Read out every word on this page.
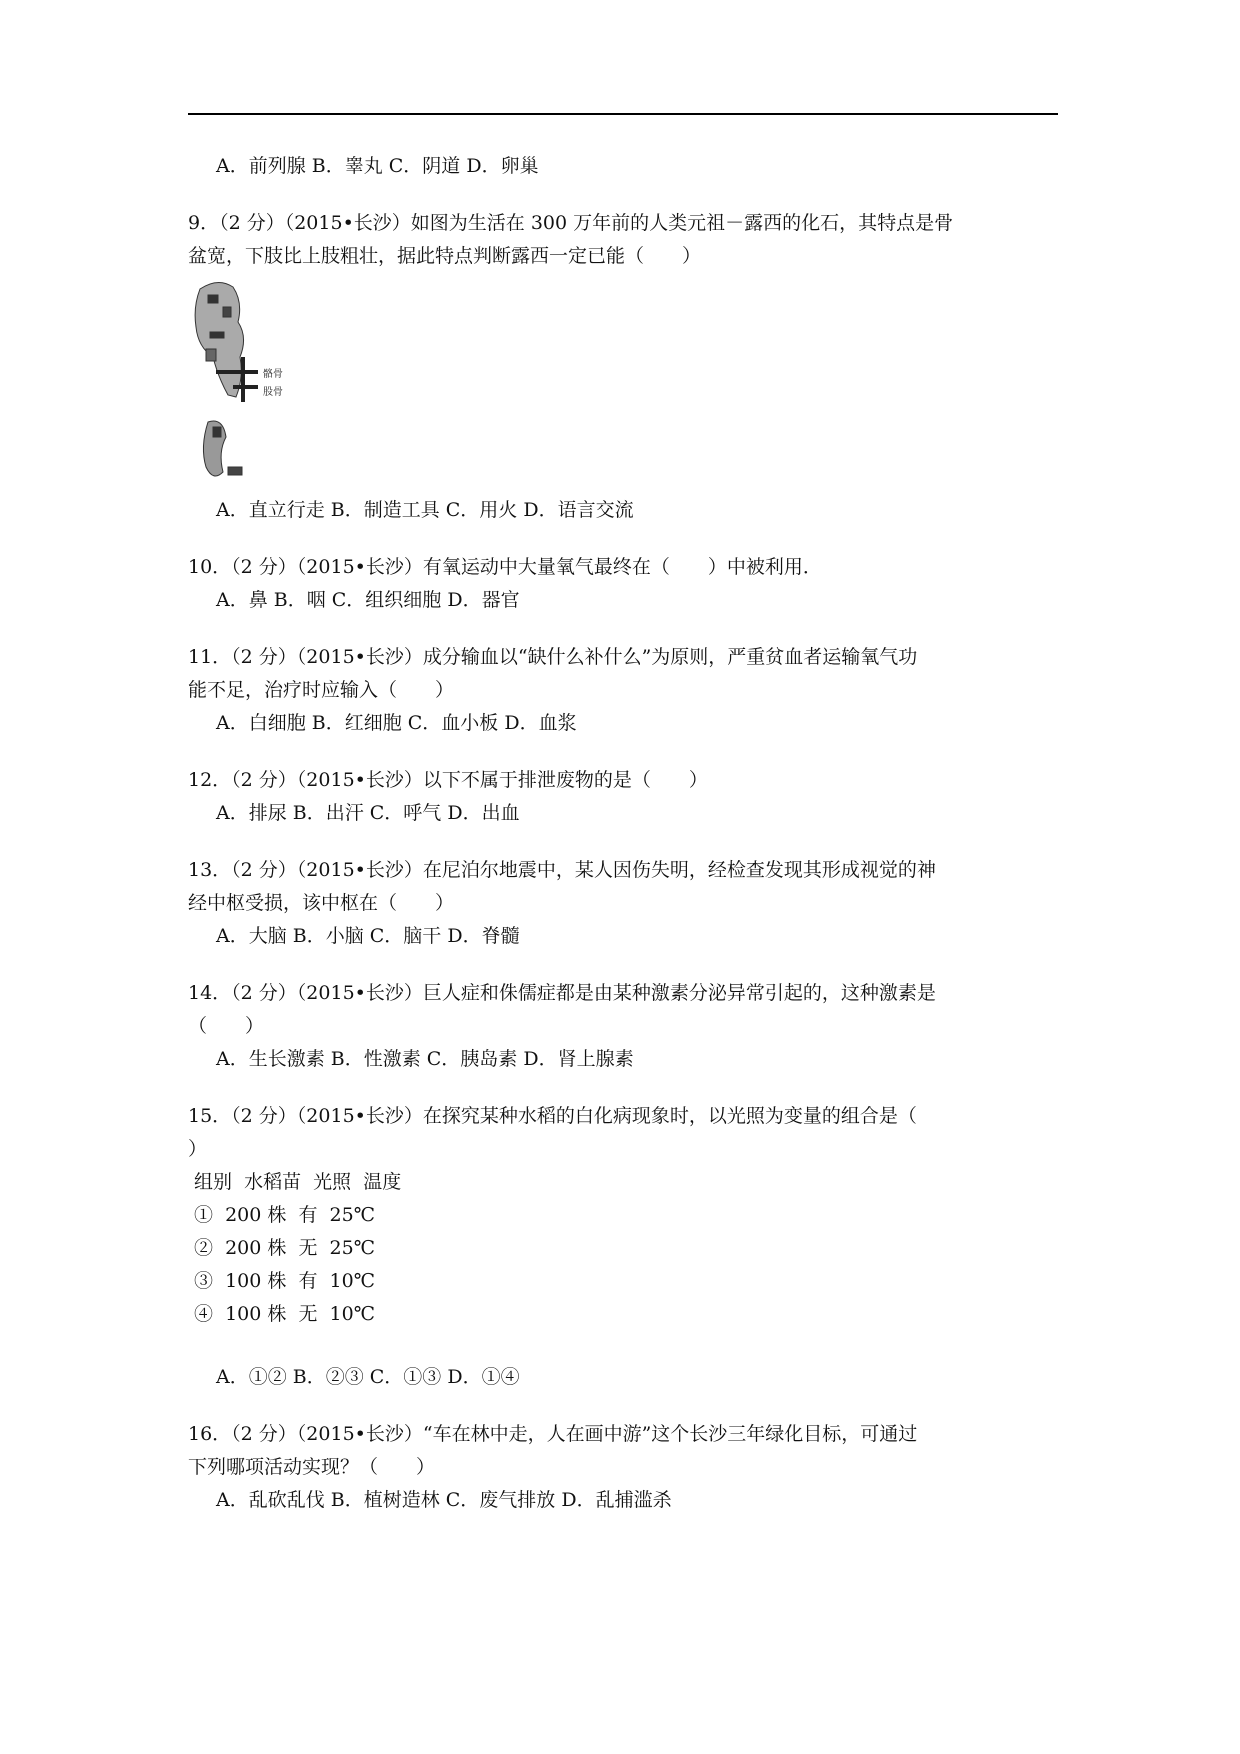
A．前列腺 B．睾丸 C．阴道 D．卵巢
9．（2 分）（2015•长沙）如图为生活在 300 万年前的人类元祖－露西的化石，其特点是骨
盆宽，下肢比上肢粗壮，据此特点判断露西一定已能（　　）
骼骨
股骨
A．直立行走 B．制造工具 C．用火 D．语言交流
10．（2 分）（2015•长沙）有氧运动中大量氧气最终在（　　）中被利用．
A．鼻 B．咽 C．组织细胞 D．器官
11．（2 分）（2015•长沙）成分输血以“缺什么补什么”为原则，严重贫血者运输氧气功
能不足，治疗时应输入（　　）
A．白细胞 B．红细胞 C．血小板 D．血浆
12．（2 分）（2015•长沙）以下不属于排泄废物的是（　　）
A．排尿 B．出汗 C．呼气 D．出血
13．（2 分）（2015•长沙）在尼泊尔地震中，某人因伤失明，经检查发现其形成视觉的神
经中枢受损，该中枢在（　　）
A．大脑 B．小脑 C．脑干 D．脊髓
14．（2 分）（2015•长沙）巨人症和侏儒症都是由某种激素分泌异常引起的，这种激素是
（　　）
A．生长激素 B．性激素 C．胰岛素 D．肾上腺素
15．（2 分）（2015•长沙）在探究某种水稻的白化病现象时，以光照为变量的组合是（
）
组别  水稻苗  光照  温度
①  200 株  有  25℃
②  200 株  无  25℃
③  100 株  有  10℃
④  100 株  无  10℃
A．①② B．②③ C．①③ D．①④
16．（2 分）（2015•长沙）“车在林中走，人在画中游”这个长沙三年绿化目标，可通过
下列哪项活动实现？（　　）
A．乱砍乱伐 B．植树造林 C．废气排放 D．乱捕滥杀
